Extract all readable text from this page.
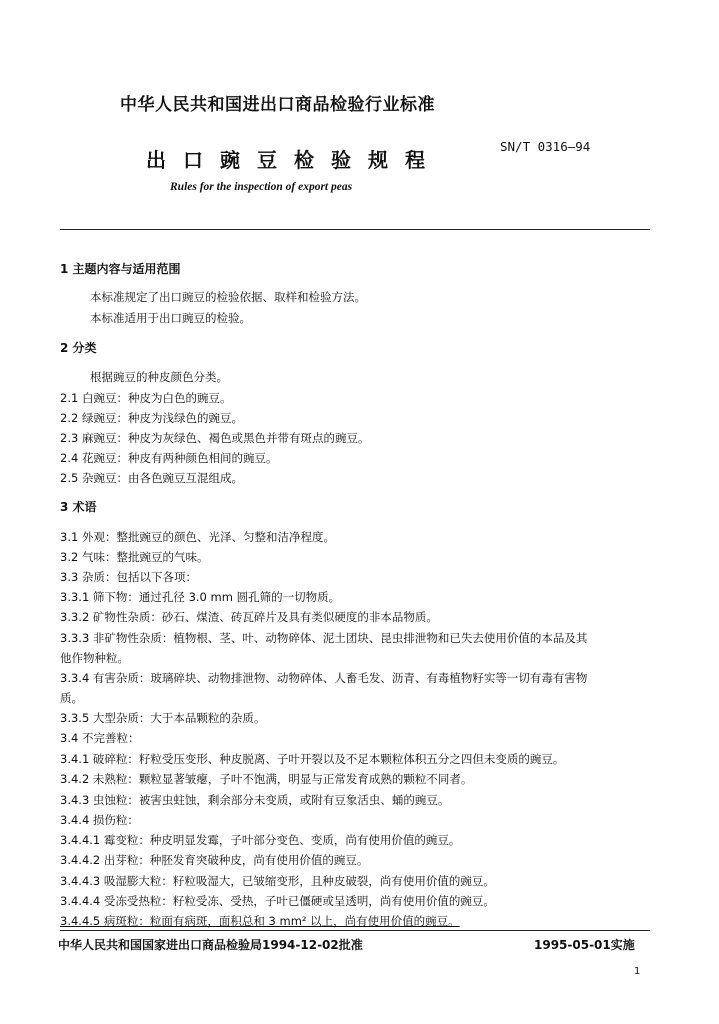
中华人民共和国进出口商品检验行业标准
出口豌豆检验规程
SN/T 0316—94
Rules for the inspection of export peas
1 主题内容与适用范围
本标准规定了出口豌豆的检验依据、取样和检验方法。
本标准适用于出口豌豆的检验。
2 分类
根据豌豆的种皮颜色分类。
2.1 白豌豆：种皮为白色的豌豆。
2.2 绿豌豆：种皮为浅绿色的豌豆。
2.3 麻豌豆：种皮为灰绿色、褐色或黑色并带有斑点的豌豆。
2.4 花豌豆：种皮有两种颜色相间的豌豆。
2.5 杂豌豆：由各色豌豆互混组成。
3 术语
3.1 外观：整批豌豆的颜色、光泽、匀整和洁净程度。
3.2 气味：整批豌豆的气味。
3.3 杂质：包括以下各项：
3.3.1 筛下物：通过孔径 3.0 mm 圆孔筛的一切物质。
3.3.2 矿物性杂质：砂石、煤渣、砖瓦碎片及具有类似硬度的非本品物质。
3.3.3 非矿物性杂质：植物根、茎、叶、动物碎体、泥土团块、昆虫排泄物和已失去使用价值的本品及其
他作物种粒。
3.3.4 有害杂质：玻璃碎块、动物排泄物、动物碎体、人畜毛发、沥青、有毒植物籽实等一切有毒有害物
质。
3.3.5 大型杂质：大于本品颗粒的杂质。
3.4 不完善粒：
3.4.1 破碎粒：籽粒受压变形、种皮脱离、子叶开裂以及不足本颗粒体积五分之四但未变质的豌豆。
3.4.2 未熟粒：颗粒显著皱瘪，子叶不饱满，明显与正常发育成熟的颗粒不同者。
3.4.3 虫蚀粒：被害虫蛀蚀，剩余部分未变质，或附有豆象活虫、蛹的豌豆。
3.4.4 损伤粒：
3.4.4.1 霉变粒：种皮明显发霉，子叶部分变色、变质，尚有使用价值的豌豆。
3.4.4.2 出芽粒：种胚发育突破种皮，尚有使用价值的豌豆。
3.4.4.3 吸湿膨大粒：籽粒吸湿大，已皱缩变形，且种皮破裂，尚有使用价值的豌豆。
3.4.4.4 受冻受热粒：籽粒受冻、受热，子叶已僵硬或呈透明，尚有使用价值的豌豆。
3.4.4.5 病斑粒：粒面有病斑，面积总和 3 mm² 以上，尚有使用价值的豌豆。
中华人民共和国国家进出口商品检验局1994-12-02批准	1995-05-01实施
1
